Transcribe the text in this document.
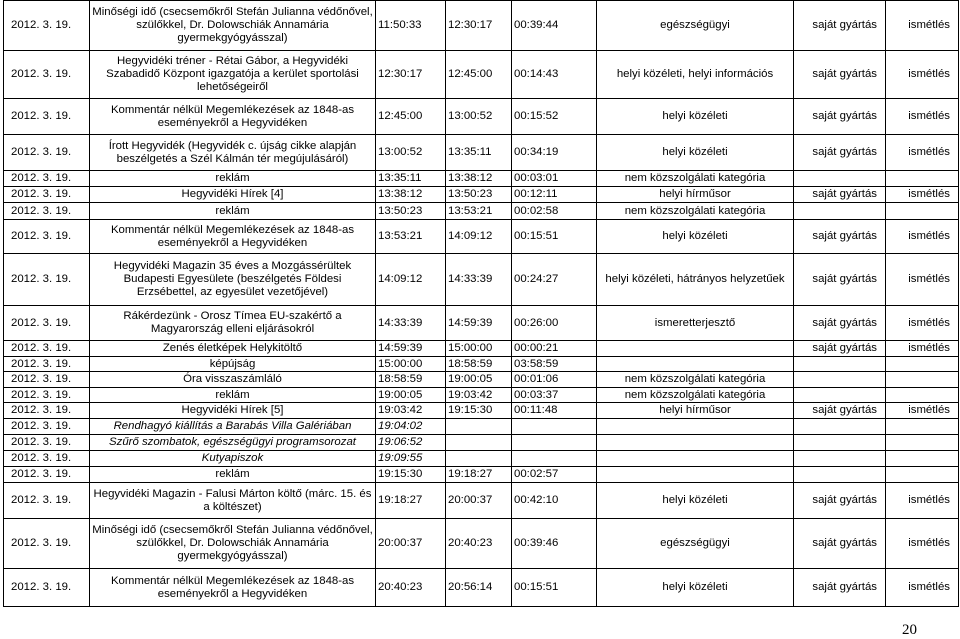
2012. 3. 19.	Minőségi idő (csecsemőkről Stefán Julianna védőnővel, szülőkkel, Dr. Dolowschiák Annamária gyermekgyógyásszal)	11:50:33	12:30:17	00:39:44	egészségügyi	saját gyártás	ismétlés
2012. 3. 19.	Hegyvidéki tréner - Rétai Gábor, a Hegyvidéki Szabadidő Központ igazgatója a kerület sportolási lehetőségeiről	12:30:17	12:45:00	00:14:43	helyi közéleti, helyi információs	saját gyártás	ismétlés
2012. 3. 19.	Kommentár nélkül Megemlékezések az 1848-as eseményekről a Hegyvidéken	12:45:00	13:00:52	00:15:52	helyi közéleti	saját gyártás	ismétlés
2012. 3. 19.	Írott Hegyvidék (Hegyvidék c. újság cikke alapján beszélgetés a Szél Kálmán tér megújulásáról)	13:00:52	13:35:11	00:34:19	helyi közéleti	saját gyártás	ismétlés
2012. 3. 19.	reklám	13:35:11	13:38:12	00:03:01	nem közszolgálati kategória		
2012. 3. 19.	Hegyvidéki Hírek [4]	13:38:12	13:50:23	00:12:11	helyi hírműsor	saját gyártás	ismétlés
2012. 3. 19.	reklám	13:50:23	13:53:21	00:02:58	nem közszolgálati kategória		
2012. 3. 19.	Kommentár nélkül Megemlékezések az 1848-as eseményekről a Hegyvidéken	13:53:21	14:09:12	00:15:51	helyi közéleti	saját gyártás	ismétlés
2012. 3. 19.	Hegyvidéki Magazin 35 éves a Mozgássérültek Budapesti Egyesülete (beszélgetés Földesi Erzsébettel, az egyesület vezetőjével)	14:09:12	14:33:39	00:24:27	helyi közéleti, hátrányos helyzetűek	saját gyártás	ismétlés
2012. 3. 19.	Rákérdezünk - Orosz Tímea EU-szakértő a Magyarország elleni eljárásokról	14:33:39	14:59:39	00:26:00	ismeretterjesztő	saját gyártás	ismétlés
2012. 3. 19.	Zenés életképek Helykitöltő	14:59:39	15:00:00	00:00:21		saját gyártás	ismétlés
2012. 3. 19.	képújság	15:00:00	18:58:59	03:58:59			
2012. 3. 19.	Óra visszaszámláló	18:58:59	19:00:05	00:01:06	nem közszolgálati kategória		
2012. 3. 19.	reklám	19:00:05	19:03:42	00:03:37	nem közszolgálati kategória		
2012. 3. 19.	Hegyvidéki Hírek [5]	19:03:42	19:15:30	00:11:48	helyi hírműsor	saját gyártás	ismétlés
2012. 3. 19.	Rendhagyó kiállítás a Barabás Villa Galériában	19:04:02					
2012. 3. 19.	Szűrő szombatok, egészségügyi programsorozat	19:06:52					
2012. 3. 19.	Kutyapiszok	19:09:55					
2012. 3. 19.	reklám	19:15:30	19:18:27	00:02:57			
2012. 3. 19.	Hegyvidéki Magazin - Falusi Márton költő (márc. 15. és a költészet)	19:18:27	20:00:37	00:42:10	helyi közéleti	saját gyártás	ismétlés
2012. 3. 19.	Minőségi idő (csecsemőkről Stefán Julianna védőnővel, szülőkkel, Dr. Dolowschiák Annamária gyermekgyógyásszal)	20:00:37	20:40:23	00:39:46	egészségügyi	saját gyártás	ismétlés
2012. 3. 19.	Kommentár nélkül Megemlékezések az 1848-as eseményekről a Hegyvidéken	20:40:23	20:56:14	00:15:51	helyi közéleti	saját gyártás	ismétlés
20
